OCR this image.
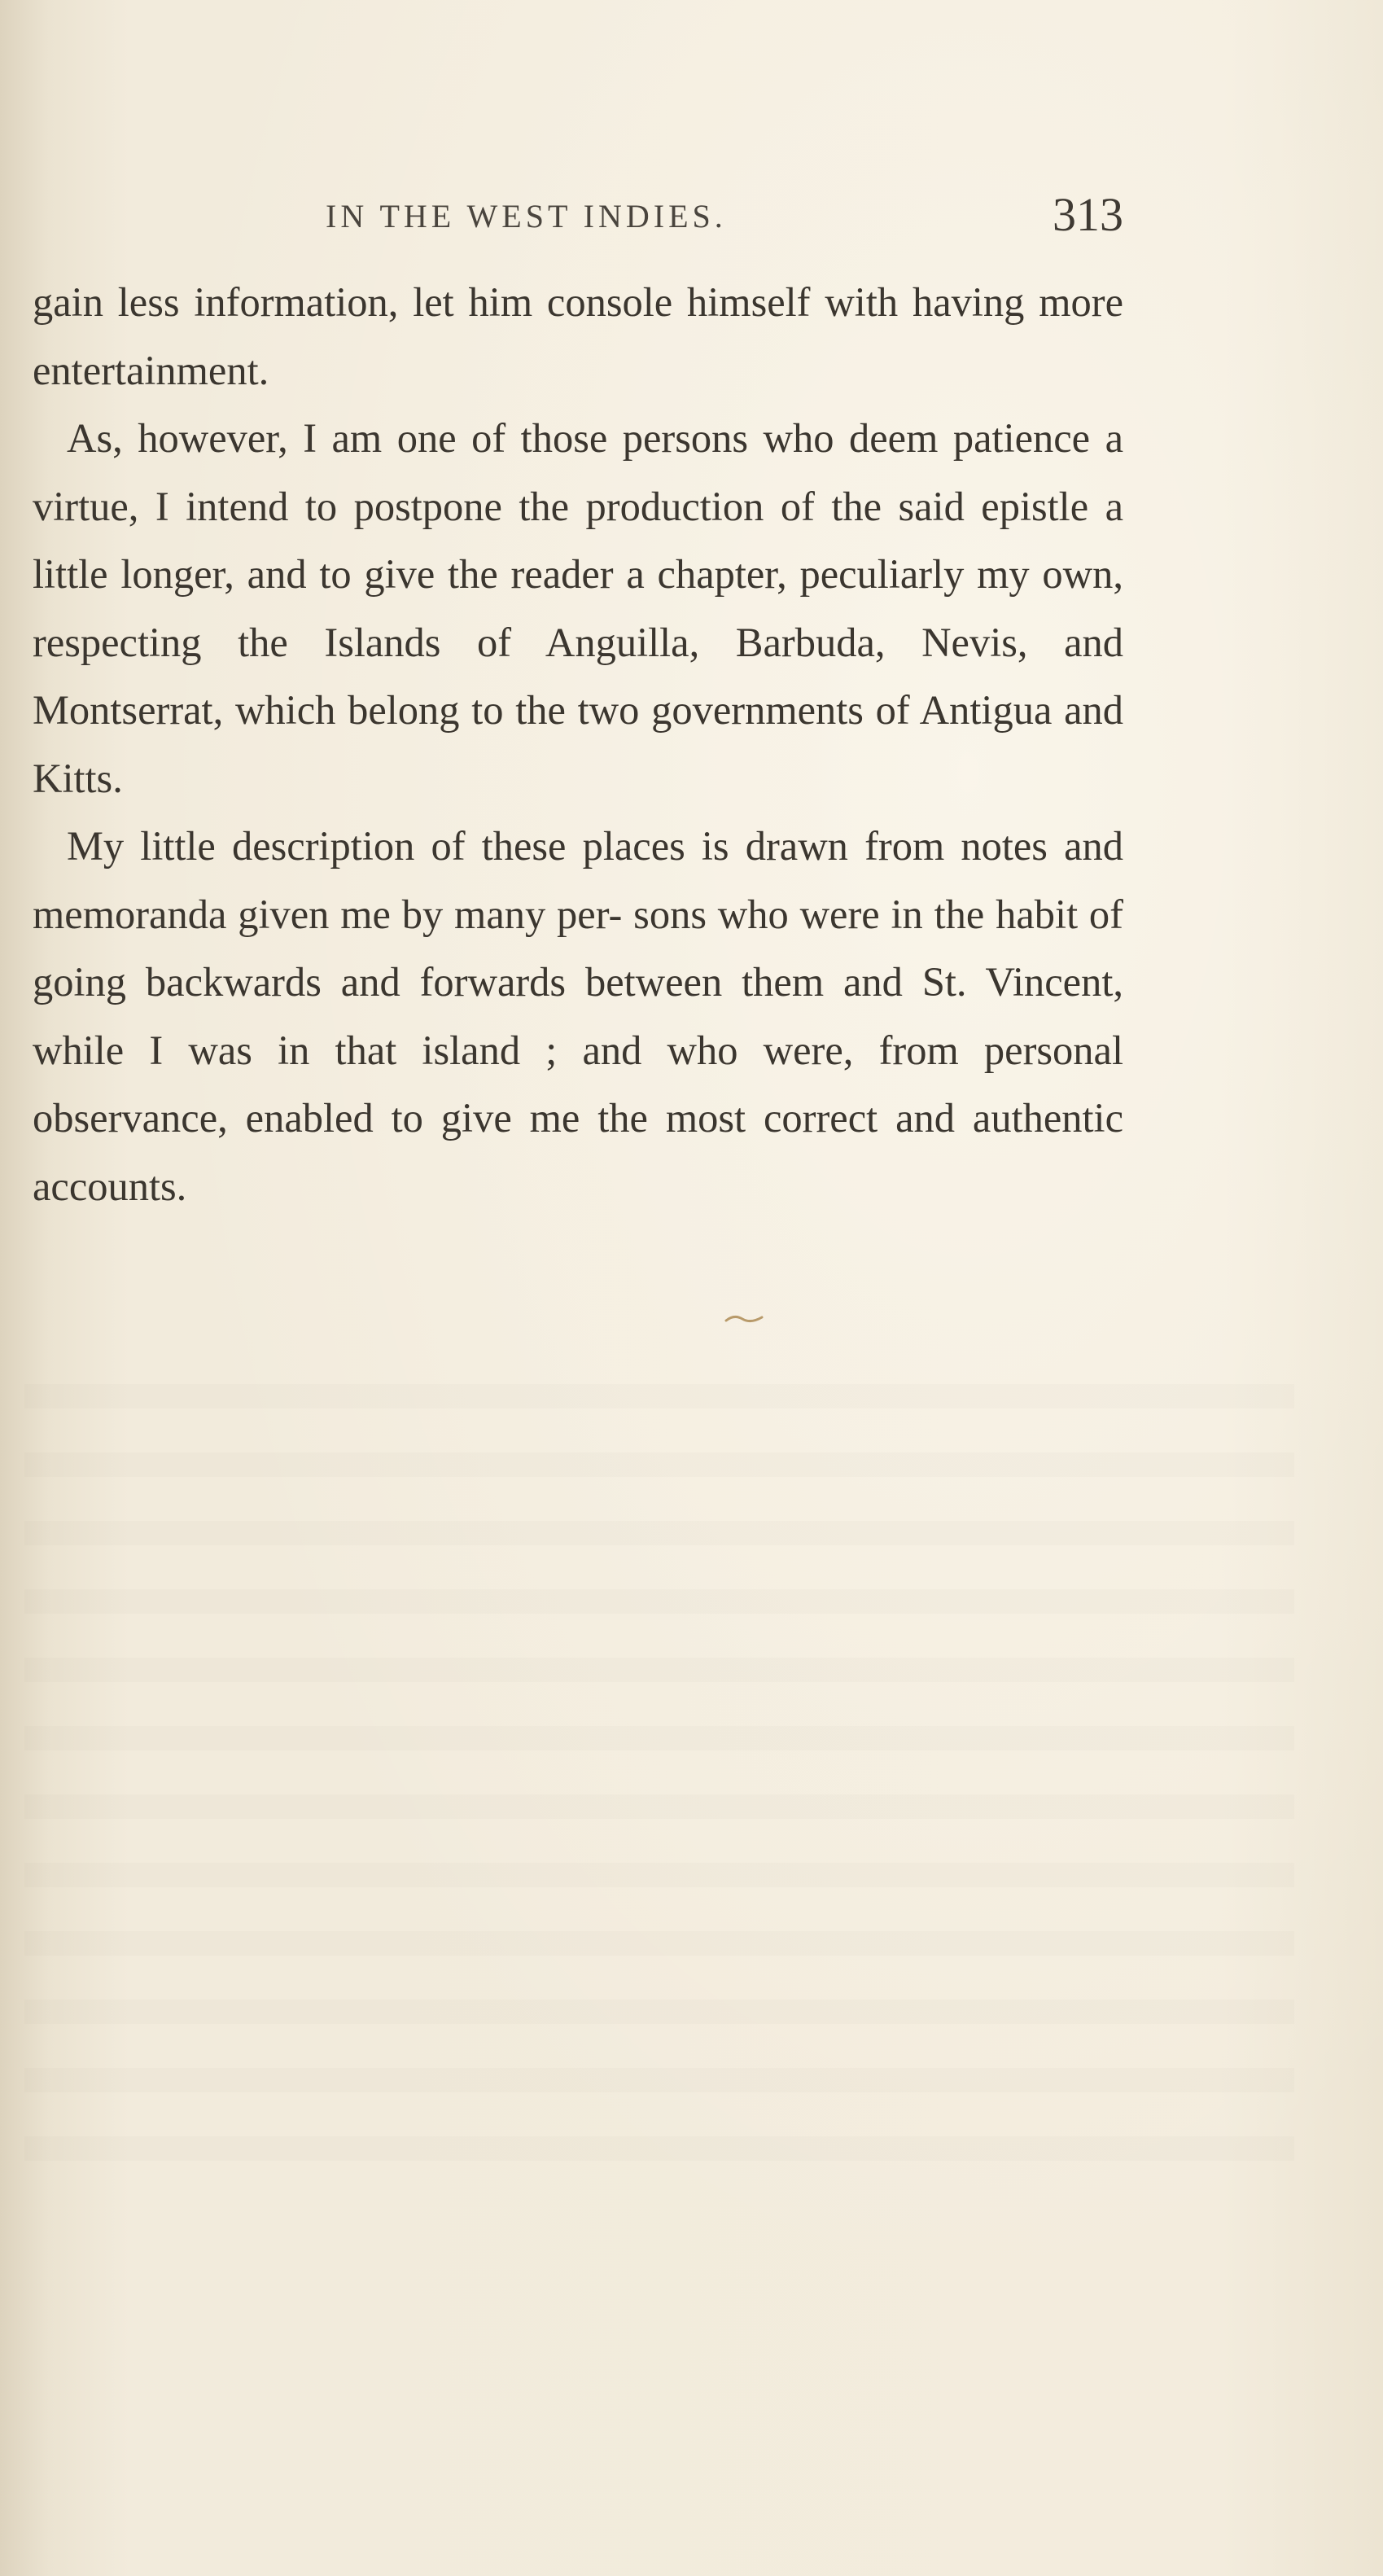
IN THE WEST INDIES.	313

gain less information, let him console himself with having more entertainment.

As, however, I am one of those persons who deem patience a virtue, I intend to postpone the production of the said epistle a little longer, and to give the reader a chapter, peculiarly my own, respecting the Islands of Anguilla, Barbuda, Nevis, and Montserrat, which belong to the two governments of Antigua and Kitts.

My little description of these places is drawn from notes and memoranda given me by many per- sons who were in the habit of going backwards and forwards between them and St. Vincent, while I was in that island ; and who were, from personal observance, enabled to give me the most correct and authentic accounts.
